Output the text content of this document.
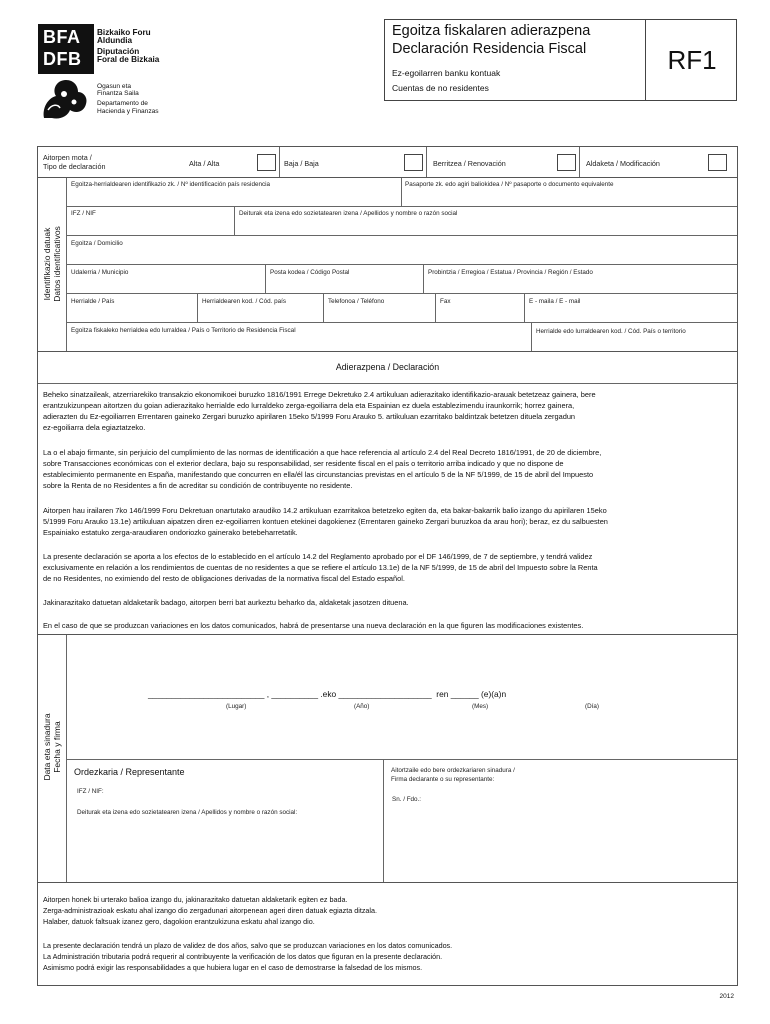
BFA
DFB
Bizkaiko Foru
Aldundia
Diputación
Foral de Bizkaia
Ogasun eta
Finantza Saila
Departamento de
Hacienda y Finanzas
Egoitza fiskalaren adierazpena
Declaración Residencia Fiscal
Ez-egoilarren banku kontuak
Cuentas de no residentes
RF1
Aitorpen mota /
Tipo de declaración	Alta / Alta	Baja / Baja	Berritzea / Renovación	Aldaketa / Modificación
Identifikazio datuak Datos identificativos
Egoitza-herrialdearen identifikazio zk. / Nº identificación país residencia	Pasaporte zk. edo agiri baliokidea / Nº pasaporte o documento equivalente
IFZ / NIF	Deiturak eta izena edo sozietatearen izena / Apellidos y nombre o razón social
Egoitza / Domicilio
Udalerria / Municipio	Posta kodea / Código Postal	Probintzia / Erregioa / Estatua / Provincia / Región / Estado
Herrialde / País	Herrialdearen kod. / Cód. país	Telefonoa / Teléfono	Fax	E - maila / E - mail
Egoitza fiskaleko herrialdea edo lurraldea / País o Territorio de Residencia Fiscal	Herrialde edo lurraldearen kod. / Cód. País o territorio
Adierazpena / Declaración
Beheko sinatzaileak, atzerriarekiko transakzio ekonomikoei buruzko 1816/1991 Errege Dekretuko 2.4 artikuluan adierazitako identifikazio-arauak betetzeaz gainera, bere
erantzukizunpean aitortzen du goian adierazitako herrialde edo lurraldeko zerga-egoiliarra dela eta Espainian ez duela establezimendu iraunkorrik; horrez gainera,
adierazten du Ez-egoiliarren Errentaren gaineko Zergari buruzko apirilaren 15eko 5/1999 Foru Arauko 5. artikuluan ezarritako baldintzak betetzen dituela zergadun
ez-egoiliarra dela egiaztatzeko.
La o el abajo firmante, sin perjuicio del cumplimiento de las normas de identificación a que hace referencia al artículo 2.4 del Real Decreto 1816/1991, de 20 de diciembre,
sobre Transacciones económicas con el exterior declara, bajo su responsabilidad, ser residente fiscal en el país o territorio arriba indicado y que no dispone de
establecimiento permanente en España, manifestando que concurren en ella/él las circunstancias previstas en el artículo 5 de la NF 5/1999, de 15 de abril del Impuesto
sobre la Renta de no Residentes a fin de acreditar su condición de contribuyente no residente.
Aitorpen hau irailaren 7ko 146/1999 Foru Dekretuan onartutako araudiko 14.2 artikuluan ezarritakoa betetzeko egiten da, eta bakar-bakarrik balio izango du apirilaren 15eko
5/1999 Foru Arauko 13.1e) artikuluan aipatzen diren ez-egoiliarren kontuen etekinei dagokienez (Errentaren gaineko Zergari buruzkoa da arau hori); beraz, ez du salbuesten
Espainiako estatuko zerga-araudiaren ondoriozko gainerako betebeharretatik.
La presente declaración se aporta a los efectos de lo establecido en el artículo 14.2 del Reglamento aprobado por el DF 146/1999, de 7 de septiembre, y tendrá validez
exclusivamente en relación a los rendimientos de cuentas de no residentes a que se refiere el artículo 13.1e) de la NF 5/1999, de 15 de abril del Impuesto sobre la Renta
de no Residentes, no eximiendo del resto de obligaciones derivadas de la normativa fiscal del Estado español.
Jakinarazitako datuetan aldaketarik badago, aitorpen berri bat aurkeztu beharko da, aldaketak jasotzen dituena.
En el caso de que se produzcan variaciones en los datos comunicados, habrá de presentarse una nueva declaración en la que figuren las modificaciones existentes.
Data eta sinadura Fecha y firma
_________________________ , __________ .eko ____________________  ren ______ (e)(a)n
(Lugar)	(Año)	(Mes)	(Día)
Ordezkaria / Representante
IFZ / NIF:
Deiturak eta izena edo sozietatearen izena / Apellidos y nombre o razón social:
Aitortzaile edo bere ordezkariaren sinadura /
Firma declarante o su representante:
Sn. / Fdo.:
Aitorpen honek bi urterako balioa izango du, jakinarazitako datuetan aldaketarik egiten ez bada.
Zerga-administrazioak eskatu ahal izango dio zergadunari aitorpenean ageri diren datuak egiazta ditzala.
Halaber, datuok faltsuak izanez gero, dagokion erantzukizuna eskatu ahal izango dio.
La presente declaración tendrá un plazo de validez de dos años, salvo que se produzcan variaciones en los datos comunicados.
La Administración tributaria podrá requerir al contribuyente la verificación de los datos que figuran en la presente declaración.
Asimismo podrá exigir las responsabilidades a que hubiera lugar en el caso de demostrarse la falsedad de los mismos.
2012
